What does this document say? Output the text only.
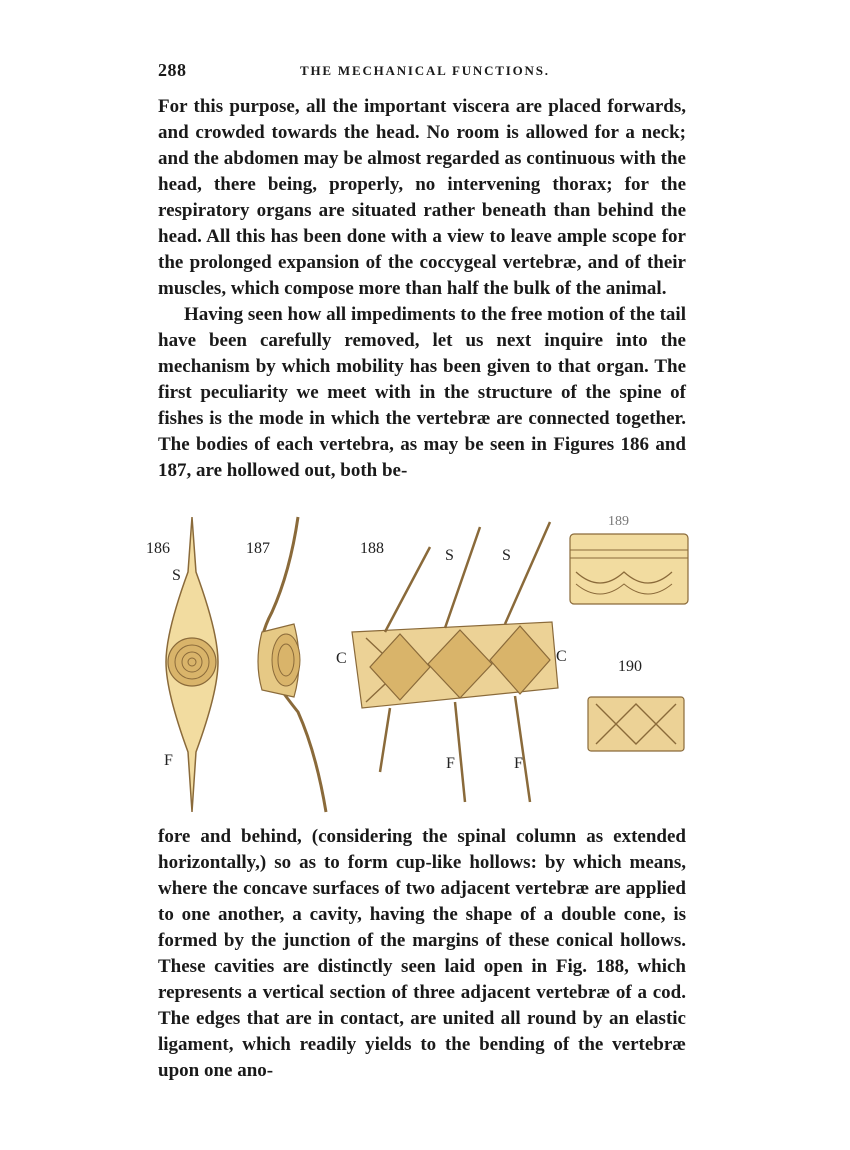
288	THE MECHANICAL FUNCTIONS.

For this purpose, all the important viscera are placed forwards, and crowded towards the head. No room is allowed for a neck; and the abdomen may be almost regarded as continuous with the head, there being, properly, no intervening thorax; for the respiratory organs are situated rather beneath than behind the head. All this has been done with a view to leave ample scope for the prolonged expansion of the coccygeal vertebræ, and of their muscles, which compose more than half the bulk of the animal.

Having seen how all impediments to the free motion of the tail have been carefully removed, let us next inquire into the mechanism by which mobility has been given to that organ. The first peculiarity we meet with in the structure of the spine of fishes is the mode in which the vertebræ are connected together. The bodies of each vertebra, as may be seen in Figures 186 and 187, are hollowed out, both be-

186
S
F
187	188	S	S
C	C
F	F
189
190

fore and behind, (considering the spinal column as extended horizontally,) so as to form cup-like hollows: by which means, where the concave surfaces of two adjacent vertebræ are applied to one another, a cavity, having the shape of a double cone, is formed by the junction of the margins of these conical hollows. These cavities are distinctly seen laid open in Fig. 188, which represents a vertical section of three adjacent vertebræ of a cod. The edges that are in contact, are united all round by an elastic ligament, which readily yields to the bending of the vertebræ upon one ano-
